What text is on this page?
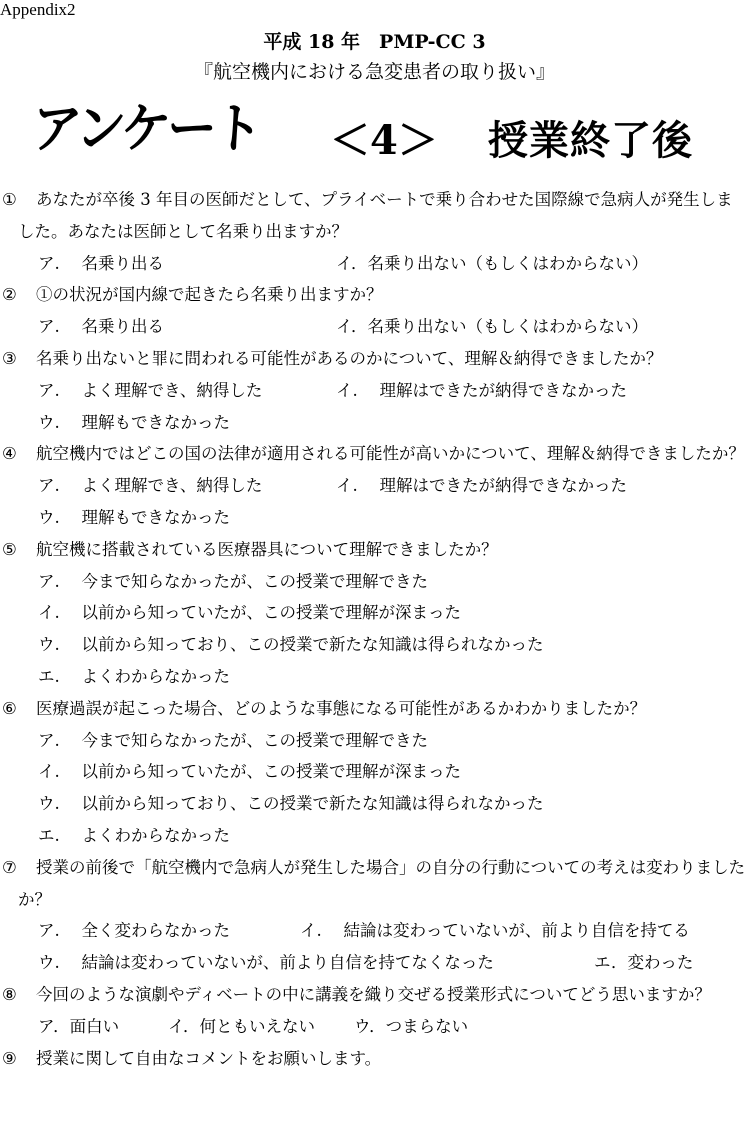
Appendix2
平成 18 年　PMP-CC 3
『航空機内における急変患者の取り扱い』
アンケート ＜4＞ 授業終了後
①	あなたが卒後 3 年目の医師だとして、プライベートで乗り合わせた国際線で急病人が発生しました。あなたは医師として名乗り出ますか？
ア.　 名乗り出る	イ．名乗り出ない（もしくはわからない）
②	①の状況が国内線で起きたら名乗り出ますか？
ア.　 名乗り出る	イ．名乗り出ない（もしくはわからない）
③	名乗り出ないと罪に問われる可能性があるのかについて、理解＆納得できましたか？
ア.　 よく理解でき、納得した	イ.　 理解はできたが納得できなかった
ウ.　 理解もできなかった
④	航空機内ではどこの国の法律が適用される可能性が高いかについて、理解＆納得できましたか？
ア.　 よく理解でき、納得した	イ.　 理解はできたが納得できなかった
ウ.　 理解もできなかった
⑤	航空機に搭載されている医療器具について理解できましたか？
ア.　 今まで知らなかったが、この授業で理解できた
イ.　 以前から知っていたが、この授業で理解が深まった
ウ.　 以前から知っており、この授業で新たな知識は得られなかった
エ.　 よくわからなかった
⑥	医療過誤が起こった場合、どのような事態になる可能性があるかわかりましたか？
ア.　 今まで知らなかったが、この授業で理解できた
イ.　 以前から知っていたが、この授業で理解が深まった
ウ.　 以前から知っており、この授業で新たな知識は得られなかった
エ.　 よくわからなかった
⑦	授業の前後で「航空機内で急病人が発生した場合」の自分の行動についての考えは変わりましたか？
ア.　 全く変わらなかった	イ.　 結論は変わっていないが、前より自信を持てる
ウ.　 結論は変わっていないが、前より自信を持てなくなった	エ．変わった
⑧	今回のような演劇やディベートの中に講義を織り交ぜる授業形式についてどう思いますか？
ア．面白い	イ．何ともいえない ウ．つまらない
⑨	授業に関して自由なコメントをお願いします。
